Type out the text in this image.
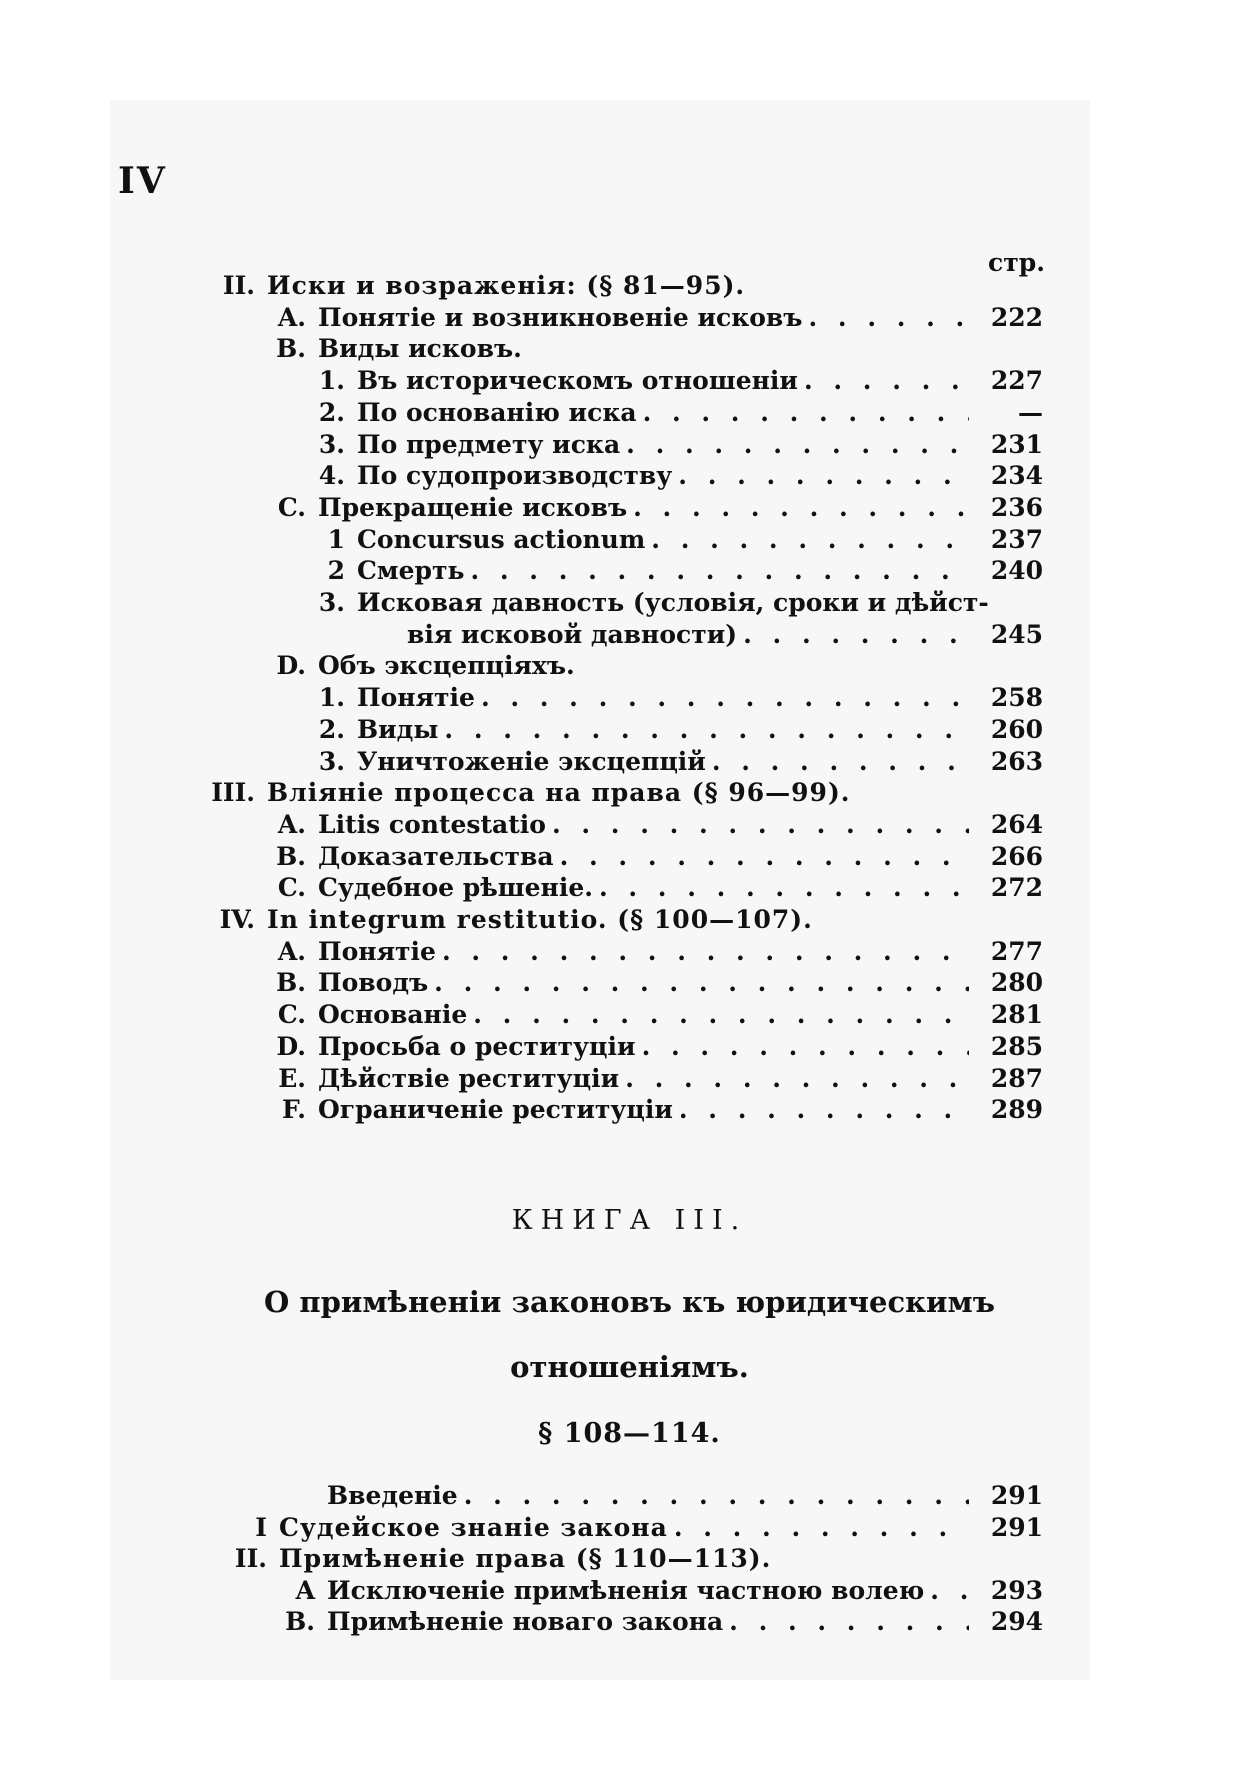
IV
стр.
II. Иски и возраженія: (§ 81—95).
A. Понятіе и возникновеніе исковъ . . .	222
B. Виды исковъ.
1. Въ историческомъ отношеніи . . .	227
2. По основанію иска . . .	—
3. По предмету иска . . .	231
4. По судопроизводству . . .	234
C. Прекращеніе исковъ . . .	236
1 Concursus actionum . . .	237
2 Смерть . . .	240
3. Исковая давность (условія, сроки и дѣйст-
вія исковой давности) . . .	245
D. Объ эксцепціяхъ.
1. Понятіе . . .	258
2. Виды . . .	260
3. Уничтоженіе эксцепцій . . .	263
III. Вліяніе процесса на права (§ 96—99).
A. Litis contestatio . . .	264
B. Доказательства . . .	266
C. Судебное рѣшеніе. . . .	272
IV. In integrum restitutio. (§ 100—107).
A. Понятіе . . .	277
B. Поводъ . . .	280
C. Основаніе . . .	281
D. Просьба о реституціи . . .	285
E. Дѣйствіе реституціи . . .	287
F. Ограниченіе реституціи . . .	289
КНИГА III.
О примѣненіи законовъ къ юридическимъ
отношеніямъ.
§ 108—114.
Введеніе . . .	291
I Судейское знаніе закона . . .	291
II. Примѣненіе права (§ 110—113).
A Исключеніе примѣненія частною волею . . .	293
B. Примѣненіе новаго закона . . .	294
